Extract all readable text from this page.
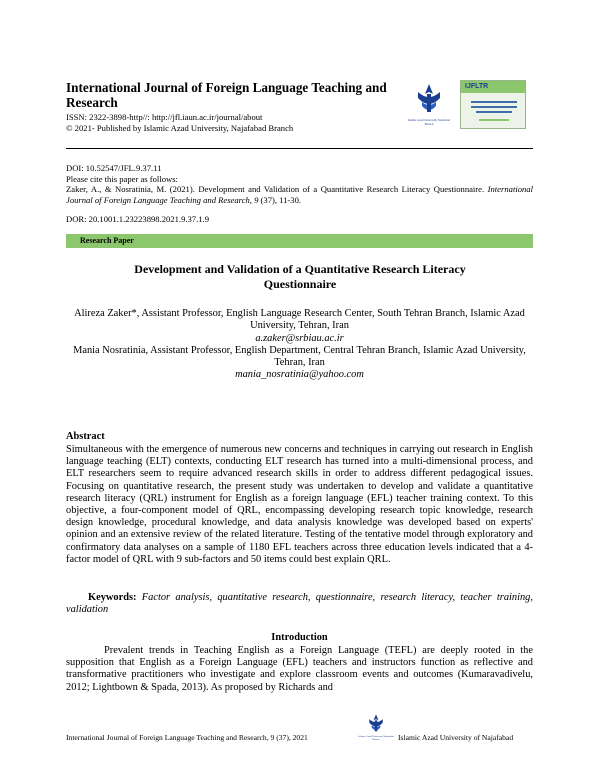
International Journal of Foreign Language Teaching and Research
ISSN: 2322-3898-http//: http://jfl.iaun.ac.ir/journal/about
© 2021- Published by Islamic Azad University, Najafabad Branch
Islamic Azad University Najafabad Branch
IJFLTR
DOI: 10.52547/JFL.9.37.11
Please cite this paper as follows:
Zaker, A., & Nosratinia, M. (2021). Development and Validation of a Quantitative Research Literacy Questionnaire. International Journal of Foreign Language Teaching and Research, 9 (37), 11-30.
DOR: 20.1001.1.23223898.2021.9.37.1.9
Research Paper
Development and Validation of a Quantitative Research Literacy Questionnaire
Alireza Zaker*, Assistant Professor, English Language Research Center, South Tehran Branch, Islamic Azad University, Tehran, Iran
a.zaker@srbiau.ac.ir
Mania Nosratinia, Assistant Professor, English Department, Central Tehran Branch, Islamic Azad University, Tehran, Iran
mania_nosratinia@yahoo.com
Abstract
Simultaneous with the emergence of numerous new concerns and techniques in carrying out research in English language teaching (ELT) contexts, conducting ELT research has turned into a multi-dimensional process, and ELT researchers seem to require advanced research skills in order to address different pedagogical issues. Focusing on quantitative research, the present study was undertaken to develop and validate a quantitative research literacy (QRL) instrument for English as a foreign language (EFL) teacher training context. To this objective, a four-component model of QRL, encompassing developing research topic knowledge, research design knowledge, procedural knowledge, and data analysis knowledge was developed based on experts' opinion and an extensive review of the related literature. Testing of the tentative model through exploratory and confirmatory data analyses on a sample of 1180 EFL teachers across three education levels indicated that a 4-factor model of QRL with 9 sub-factors and 50 items could best explain QRL.
Keywords: Factor analysis, quantitative research, questionnaire, research literacy, teacher training, validation
Introduction
Prevalent trends in Teaching English as a Foreign Language (TEFL) are deeply rooted in the supposition that English as a Foreign Language (EFL) teachers and instructors function as reflective and transformative practitioners who investigate and explore classroom events and outcomes (Kumaravadivelu, 2012; Lightbown & Spada, 2013). As proposed by Richards and
Islamic Azad University Najafabad Branch
International Journal of Foreign Language Teaching and Research, 9 (37), 2021	Islamic Azad University of Najafabad
